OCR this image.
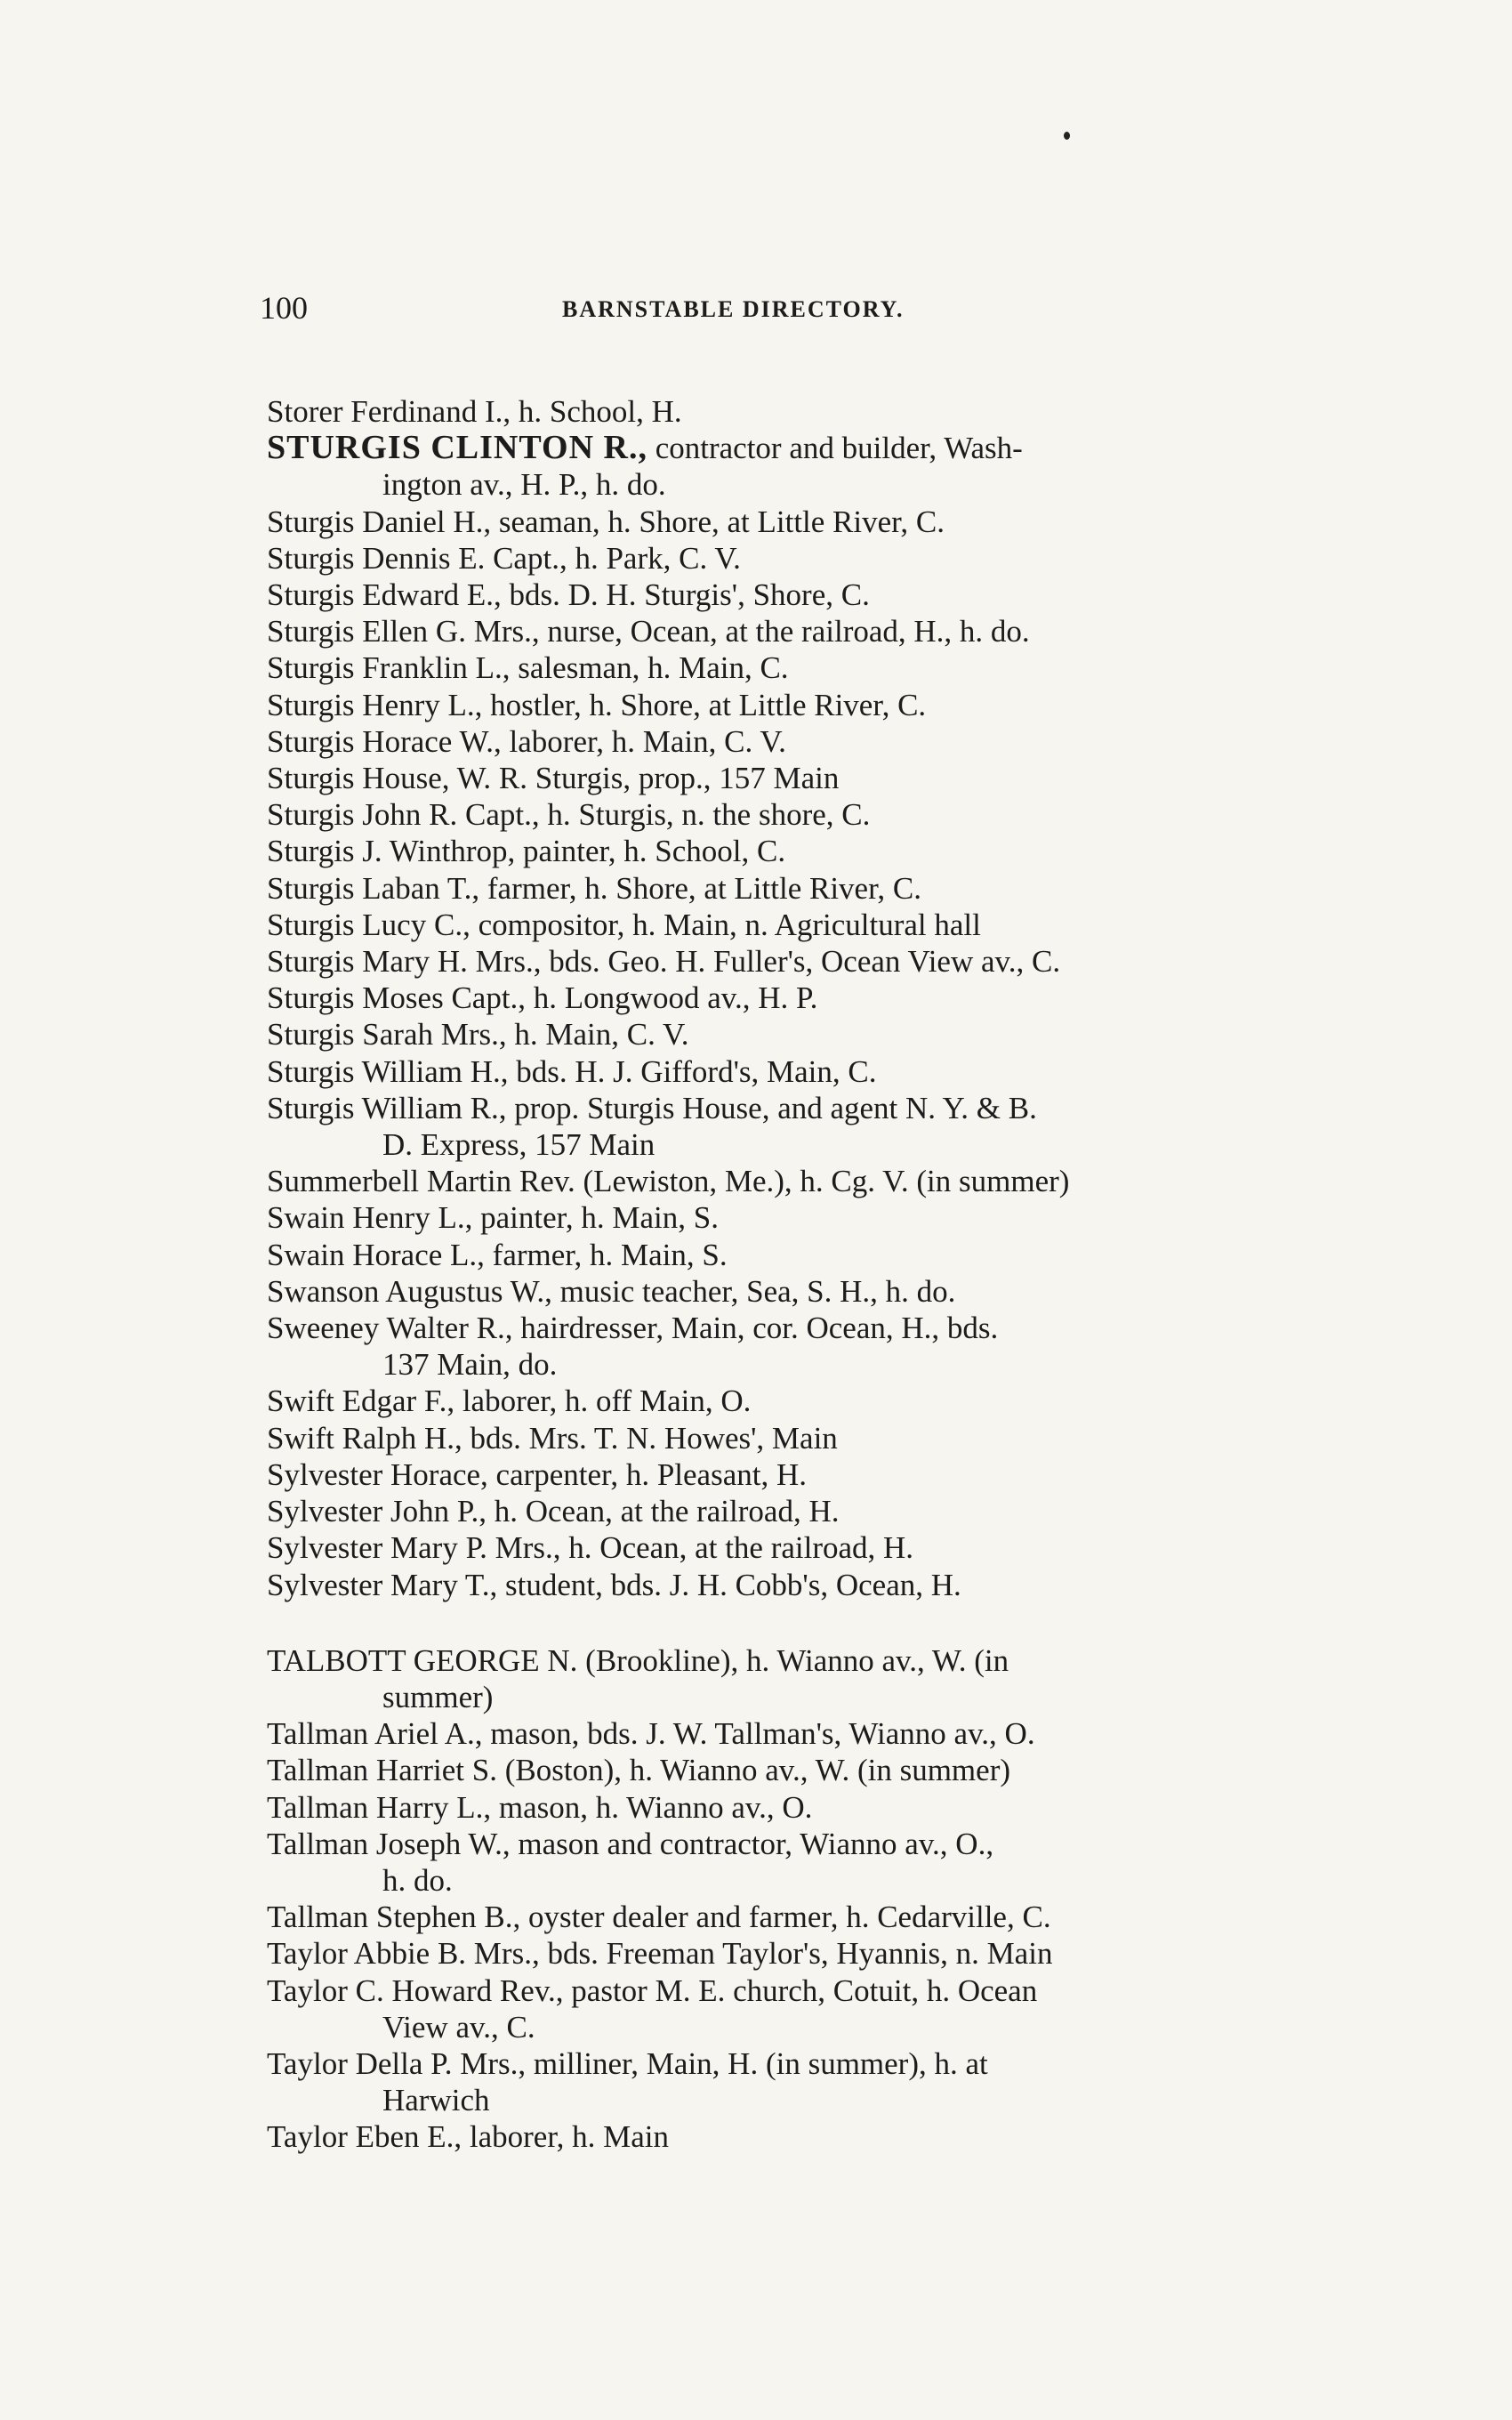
100	BARNSTABLE DIRECTORY.
Storer Ferdinand I., h. School, H.
STURGIS CLINTON R., contractor and builder, Wash-
ington av., H. P., h. do.
Sturgis Daniel H., seaman, h. Shore, at Little River, C.
Sturgis Dennis E. Capt., h. Park, C. V.
Sturgis Edward E., bds. D. H. Sturgis', Shore, C.
Sturgis Ellen G. Mrs., nurse, Ocean, at the railroad, H., h. do.
Sturgis Franklin L., salesman, h. Main, C.
Sturgis Henry L., hostler, h. Shore, at Little River, C.
Sturgis Horace W., laborer, h. Main, C. V.
Sturgis House, W. R. Sturgis, prop., 157 Main
Sturgis John R. Capt., h. Sturgis, n. the shore, C.
Sturgis J. Winthrop, painter, h. School, C.
Sturgis Laban T., farmer, h. Shore, at Little River, C.
Sturgis Lucy C., compositor, h. Main, n. Agricultural hall
Sturgis Mary H. Mrs., bds. Geo. H. Fuller's, Ocean View av., C.
Sturgis Moses Capt., h. Longwood av., H. P.
Sturgis Sarah Mrs., h. Main, C. V.
Sturgis William H., bds. H. J. Gifford's, Main, C.
Sturgis William R., prop. Sturgis House, and agent N. Y. & B.
D. Express, 157 Main
Summerbell Martin Rev. (Lewiston, Me.), h. Cg. V. (in summer)
Swain Henry L., painter, h. Main, S.
Swain Horace L., farmer, h. Main, S.
Swanson Augustus W., music teacher, Sea, S. H., h. do.
Sweeney Walter R., hairdresser, Main, cor. Ocean, H., bds.
137 Main, do.
Swift Edgar F., laborer, h. off Main, O.
Swift Ralph H., bds. Mrs. T. N. Howes', Main
Sylvester Horace, carpenter, h. Pleasant, H.
Sylvester John P., h. Ocean, at the railroad, H.
Sylvester Mary P. Mrs., h. Ocean, at the railroad, H.
Sylvester Mary T., student, bds. J. H. Cobb's, Ocean, H.
TALBOTT GEORGE N. (Brookline), h. Wianno av., W. (in
summer)
Tallman Ariel A., mason, bds. J. W. Tallman's, Wianno av., O.
Tallman Harriet S. (Boston), h. Wianno av., W. (in summer)
Tallman Harry L., mason, h. Wianno av., O.
Tallman Joseph W., mason and contractor, Wianno av., O.,
h. do.
Tallman Stephen B., oyster dealer and farmer, h. Cedarville, C.
Taylor Abbie B. Mrs., bds. Freeman Taylor's, Hyannis, n. Main
Taylor C. Howard Rev., pastor M. E. church, Cotuit, h. Ocean
View av., C.
Taylor Della P. Mrs., milliner, Main, H. (in summer), h. at
Harwich
Taylor Eben E., laborer, h. Main
